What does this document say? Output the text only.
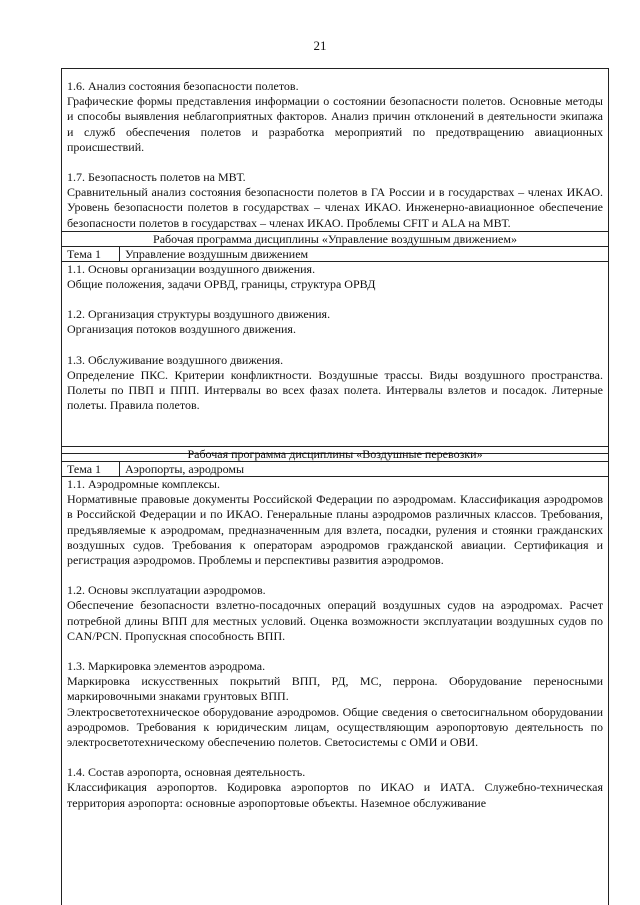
21

1.6. Анализ состояния безопасности полетов.

Графические формы представления информации о состоянии безопасности полетов. Основные методы и способы выявления неблагоприятных факторов. Анализ причин отклонений в деятельности экипажа и служб обеспечения полетов и разработка мероприятий по предотвращению авиационных происшествий.

1.7. Безопасность полетов на МВТ.

Сравнительный анализ состояния безопасности полетов в ГА России и в государствах – членах ИКАО. Уровень безопасности полетов в государствах – членах ИКАО. Инженерно-авиационное обеспечение безопасности полетов в государствах – членах ИКАО. Проблемы CFIT и ALA на МВТ.

Рабочая программа дисциплины «Управление воздушным движением»
Тема 1	Управление воздушным движением

1.1. Основы организации воздушного движения.

Общие положения, задачи ОРВД, границы, структура ОРВД

1.2. Организация структуры воздушного движения.

Организация потоков воздушного движения.

1.3. Обслуживание воздушного движения.

Определение ПКС. Критерии конфликтности. Воздушные трассы. Виды воздушного пространства. Полеты по ПВП и ППП. Интервалы во всех фазах полета. Интервалы взлетов и посадок. Литерные полеты. Правила полетов.

Рабочая программа дисциплины «Воздушные перевозки»
Тема 1	Аэропорты, аэродромы

1.1. Аэродромные комплексы.

Нормативные правовые документы Российской Федерации по аэродромам. Классификация аэродромов в Российской Федерации и по ИКАО. Генеральные планы аэродромов различных классов. Требования, предъявляемые к аэродромам, предназначенным для взлета, посадки, руления и стоянки гражданских воздушных судов. Требования к операторам аэродромов гражданской авиации. Сертификация и регистрация аэродромов. Проблемы и перспективы развития аэродромов.

1.2. Основы эксплуатации аэродромов.

Обеспечение безопасности взлетно-посадочных операций воздушных судов на аэродромах. Расчет потребной длины ВПП для местных условий. Оценка возможности эксплуатации воздушных судов по CAN/PCN. Пропускная способность ВПП.

1.3. Маркировка элементов аэродрома.

Маркировка искусственных покрытий ВПП, РД, МС, перрона. Оборудование переносными маркировочными знаками грунтовых ВПП.

Электросветотехническое оборудование аэродромов. Общие сведения о светосигнальном оборудовании аэродромов. Требования к юридическим лицам, осуществляющим аэропортовую деятельность по электросветотехническому обеспечению полетов. Светосистемы с ОМИ и ОВИ.

1.4. Состав аэропорта, основная деятельность.

Классификация аэропортов. Кодировка аэропортов по ИКАО и ИАТА. Служебно-техническая территория аэропорта: основные аэропортовые объекты. Наземное обслуживание
